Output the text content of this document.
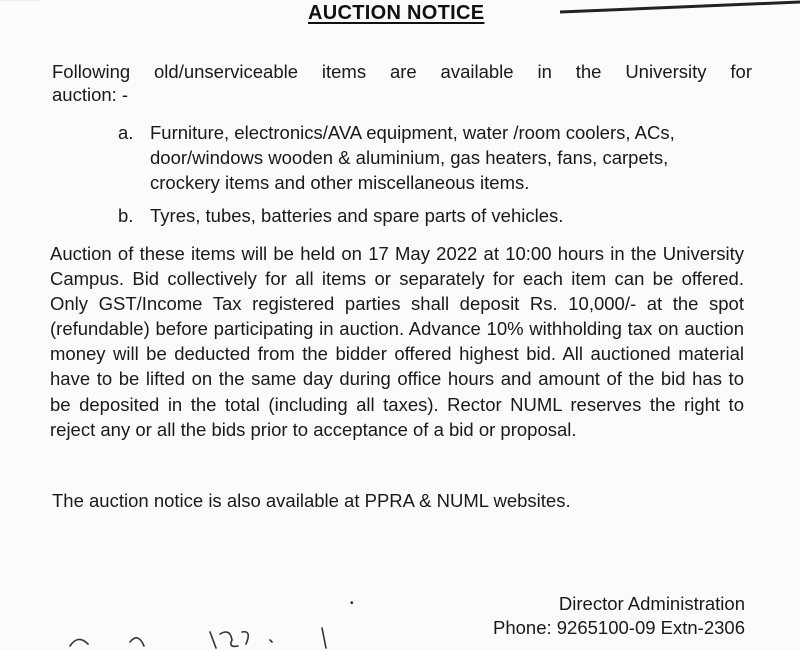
AUCTION NOTICE
Following old/unserviceable items are available in the University for
auction: -
a. Furniture, electronics/AVA equipment, water /room coolers, ACs, door/windows wooden & aluminium, gas heaters, fans, carpets, crockery items and other miscellaneous items.
b. Tyres, tubes, batteries and spare parts of vehicles.
Auction of these items will be held on 17 May 2022 at 10:00 hours in the University Campus. Bid collectively for all items or separately for each item can be offered. Only GST/Income Tax registered parties shall deposit Rs. 10,000/- at the spot (refundable) before participating in auction. Advance 10% withholding tax on auction money will be deducted from the bidder offered highest bid. All auctioned material have to be lifted on the same day during office hours and amount of the bid has to be deposited in the total (including all taxes). Rector NUML reserves the right to reject any or all the bids prior to acceptance of a bid or proposal.
The auction notice is also available at PPRA & NUML websites.
•	Director Administration
Phone: 9265100-09 Extn-2306
